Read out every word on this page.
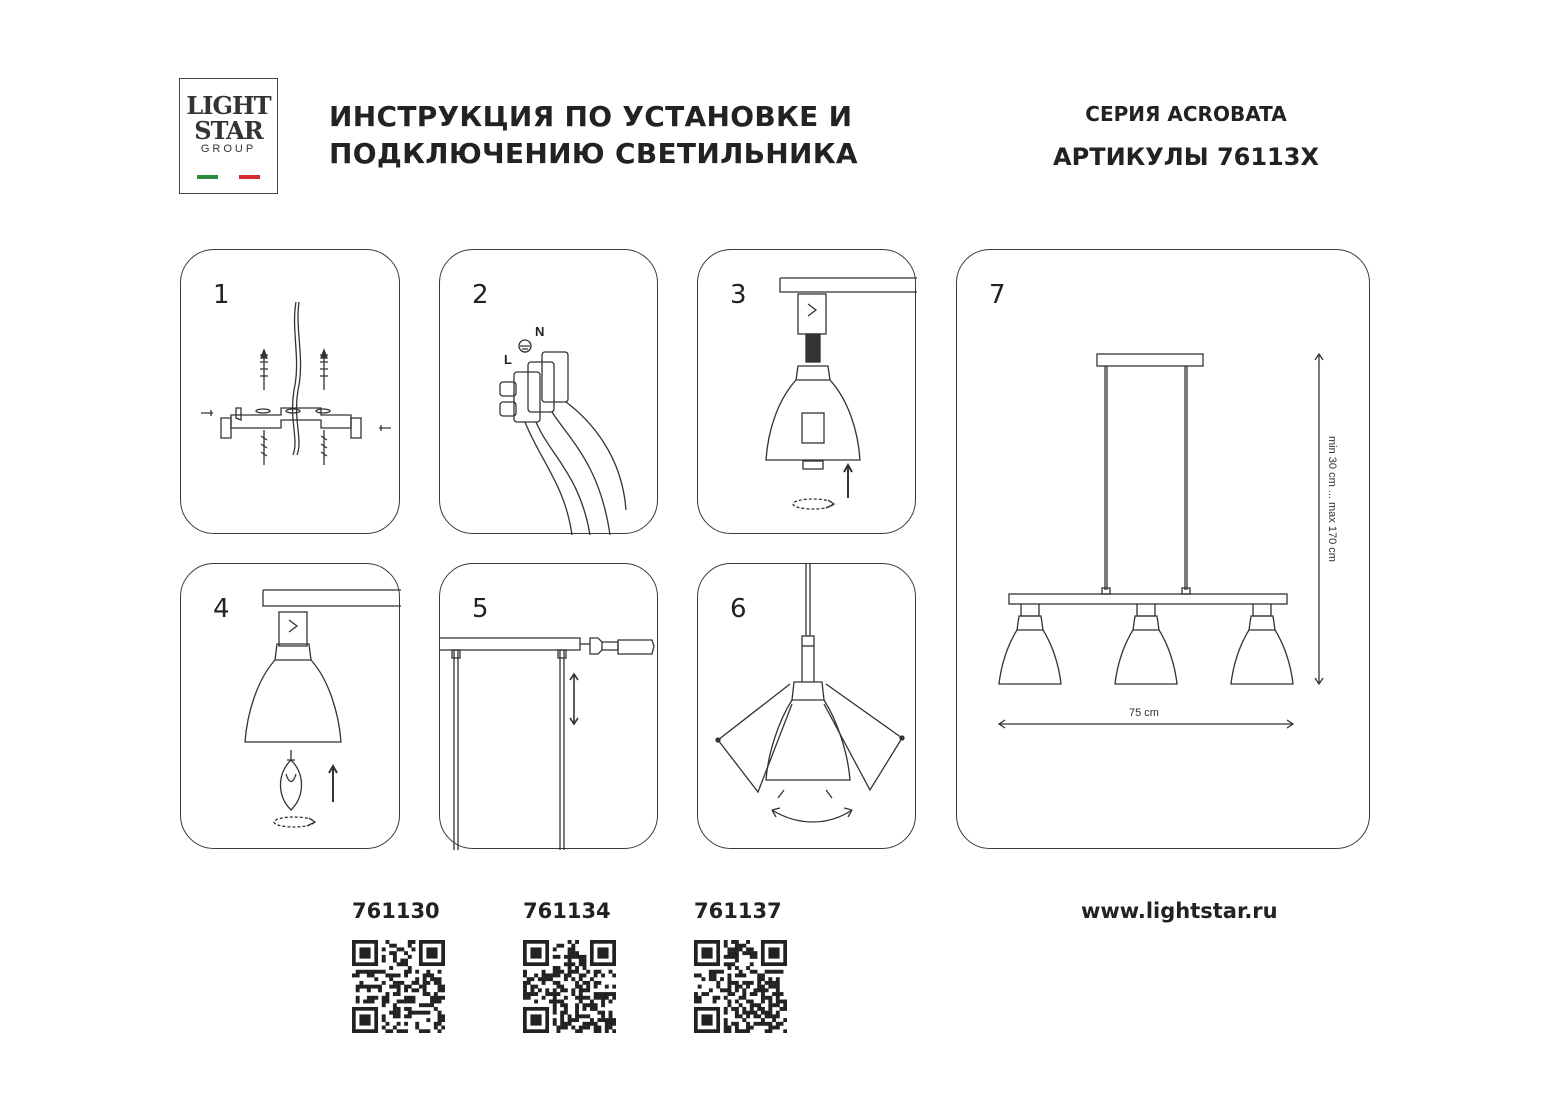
LIGHT
STAR
GROUP
ИНСТРУКЦИЯ ПО УСТАНОВКЕ И
ПОДКЛЮЧЕНИЮ СВЕТИЛЬНИКА
СЕРИЯ ACROBATA
АРТИКУЛЫ 76113X
1	2
N
L
3
4	5	6
7
min 30 cm ... max 170 cm
75 cm
761130	761134	761137	www.lightstar.ru
